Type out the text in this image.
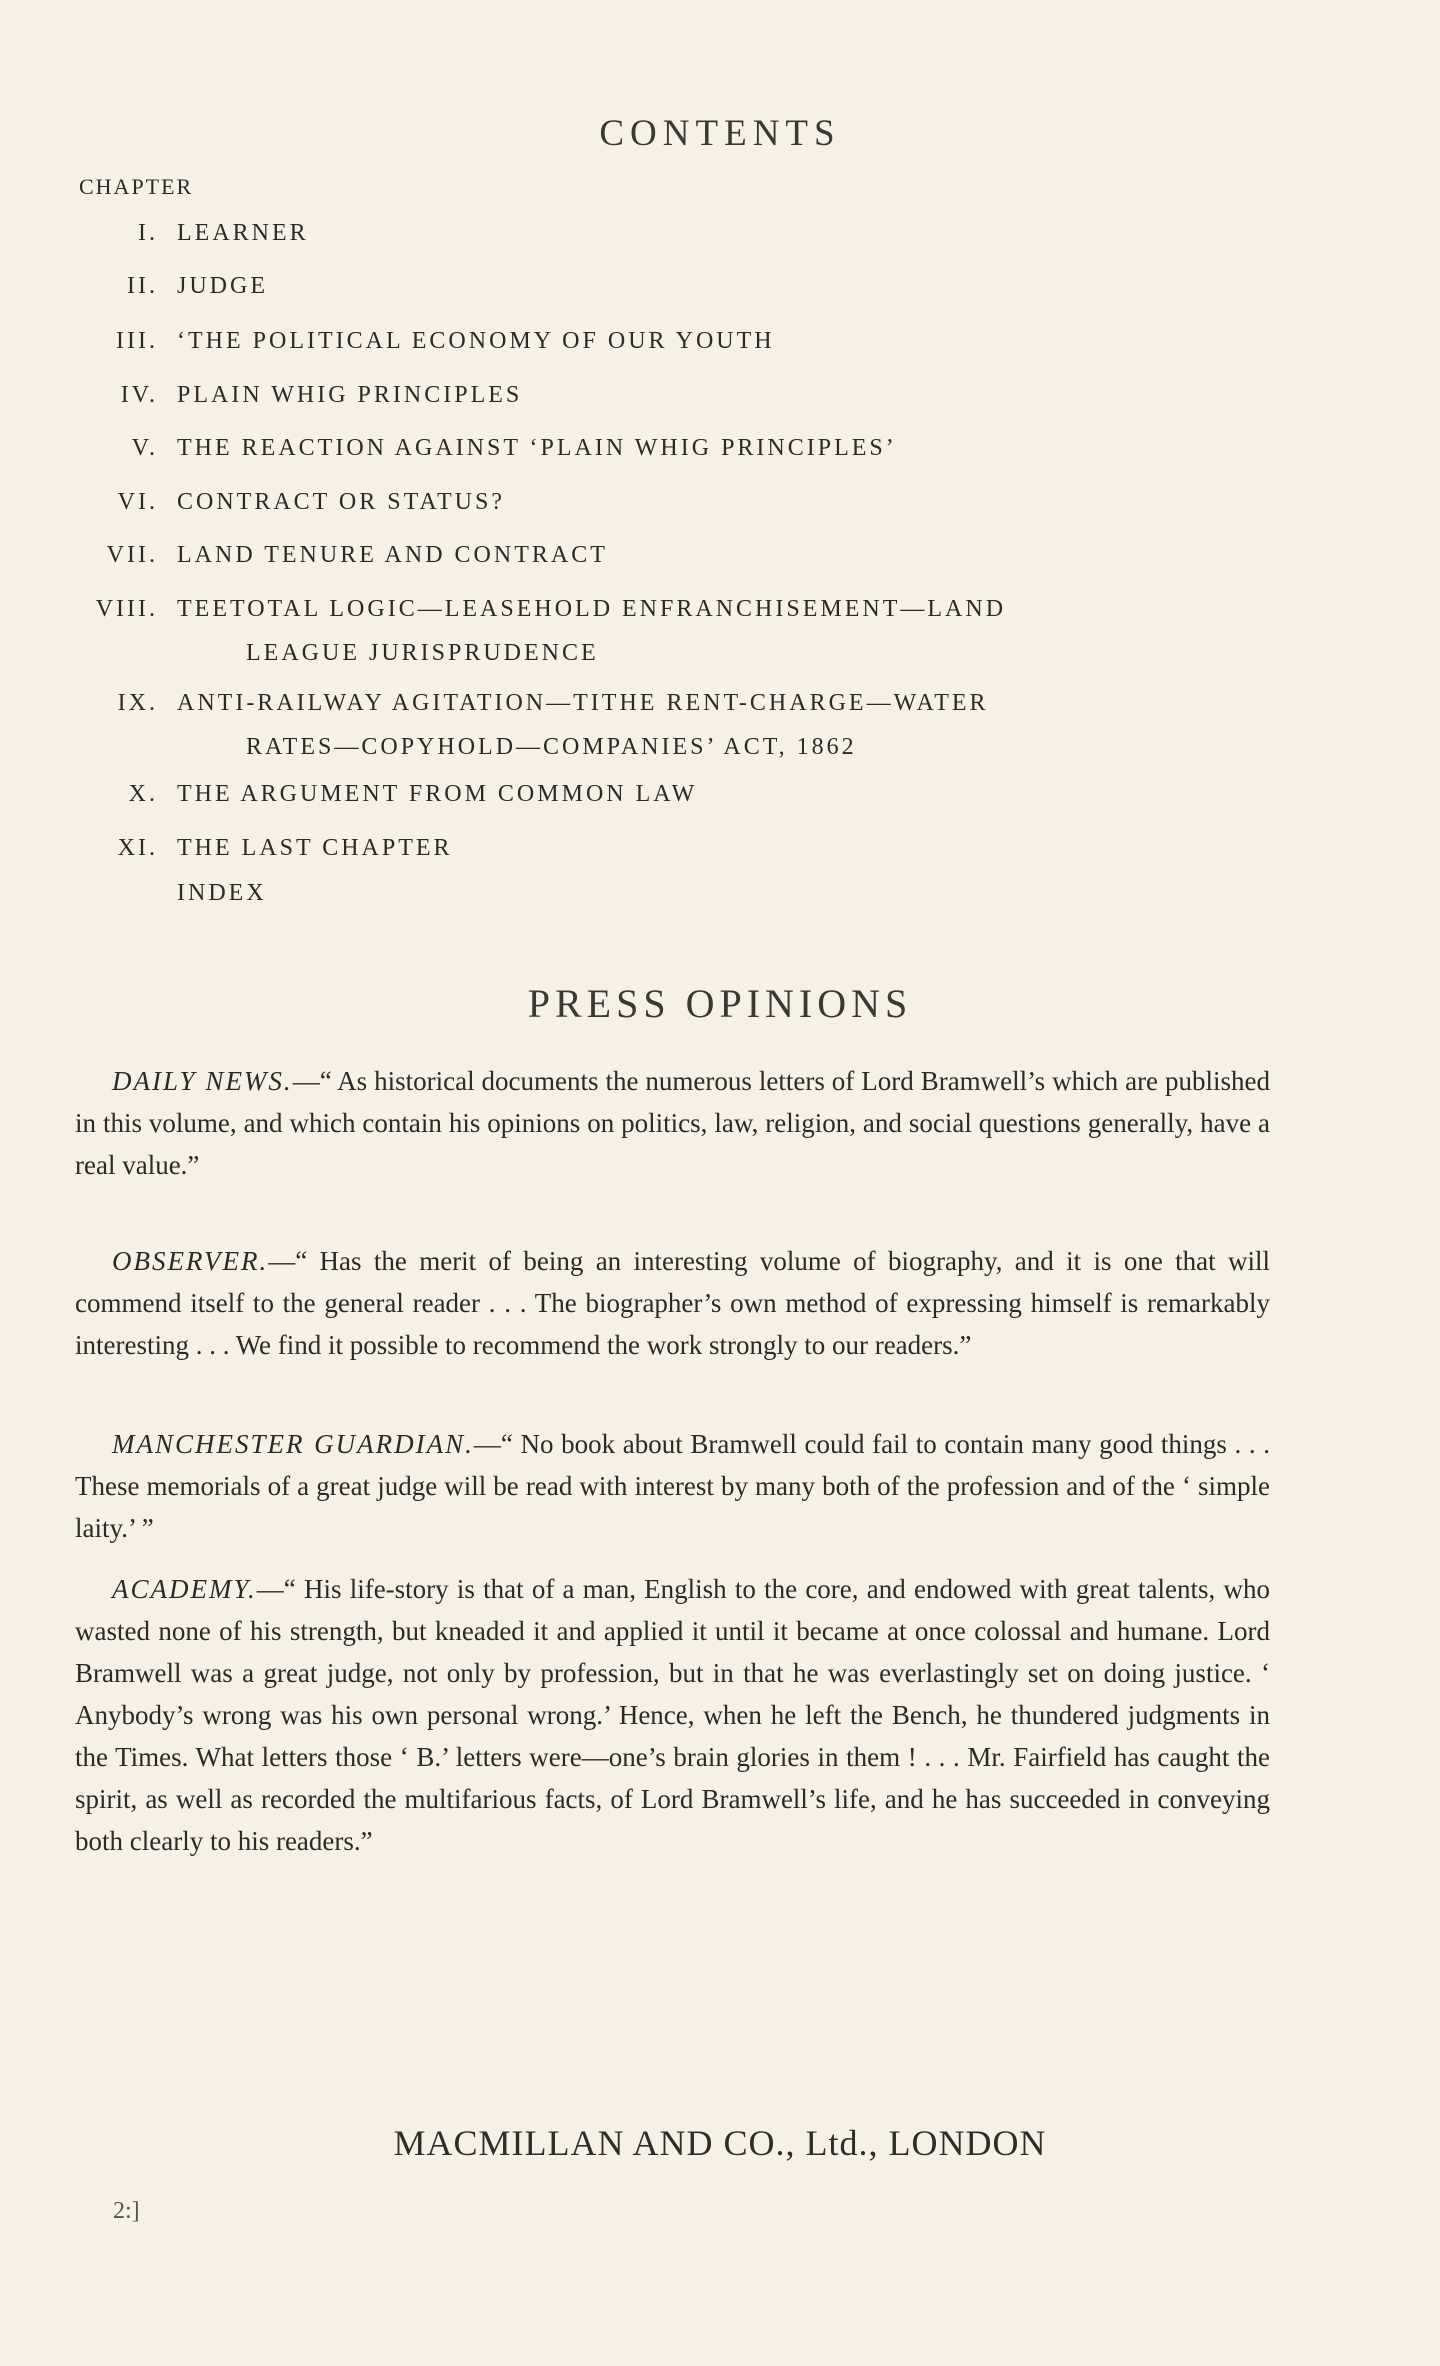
CONTENTS
CHAPTER
I. LEARNER
II. JUDGE
III. ‘THE POLITICAL ECONOMY OF OUR YOUTH
IV. PLAIN WHIG PRINCIPLES
V. THE REACTION AGAINST ‘PLAIN WHIG PRINCIPLES’
VI. CONTRACT OR STATUS?
VII. LAND TENURE AND CONTRACT
VIII. TEETOTAL LOGIC—LEASEHOLD ENFRANCHISEMENT—LAND
LEAGUE JURISPRUDENCE
IX. ANTI-RAILWAY AGITATION—TITHE RENT-CHARGE—WATER
RATES—COPYHOLD—COMPANIES’ ACT, 1862
X. THE ARGUMENT FROM COMMON LAW
XI. THE LAST CHAPTER
INDEX
PRESS OPINIONS

DAILY NEWS.—“ As historical documents the numerous letters of Lord Bramwell’s which are published in this volume, and which contain his opinions on politics, law, religion, and social questions generally, have a real value.”

OBSERVER.—“ Has the merit of being an interesting volume of biography, and it is one that will commend itself to the general reader . . . The biographer’s own method of expressing himself is remarkably interesting . . . We find it possible to recommend the work strongly to our readers.”

MANCHESTER GUARDIAN.—“ No book about Bramwell could fail to contain many good things . . . These memorials of a great judge will be read with interest by many both of the profession and of the ‘ simple laity.’ ”

ACADEMY.—“ His life-story is that of a man, English to the core, and endowed with great talents, who wasted none of his strength, but kneaded it and applied it until it became at once colossal and humane. Lord Bramwell was a great judge, not only by profession, but in that he was everlastingly set on doing justice. ‘ Anybody’s wrong was his own personal wrong.’ Hence, when he left the Bench, he thundered judgments in the Times. What letters those ‘ B.’ letters were—one’s brain glories in them ! . . . Mr. Fairfield has caught the spirit, as well as recorded the multifarious facts, of Lord Bramwell’s life, and he has succeeded in conveying both clearly to his readers.”

MACMILLAN AND CO., Ltd., LONDON
2:]
